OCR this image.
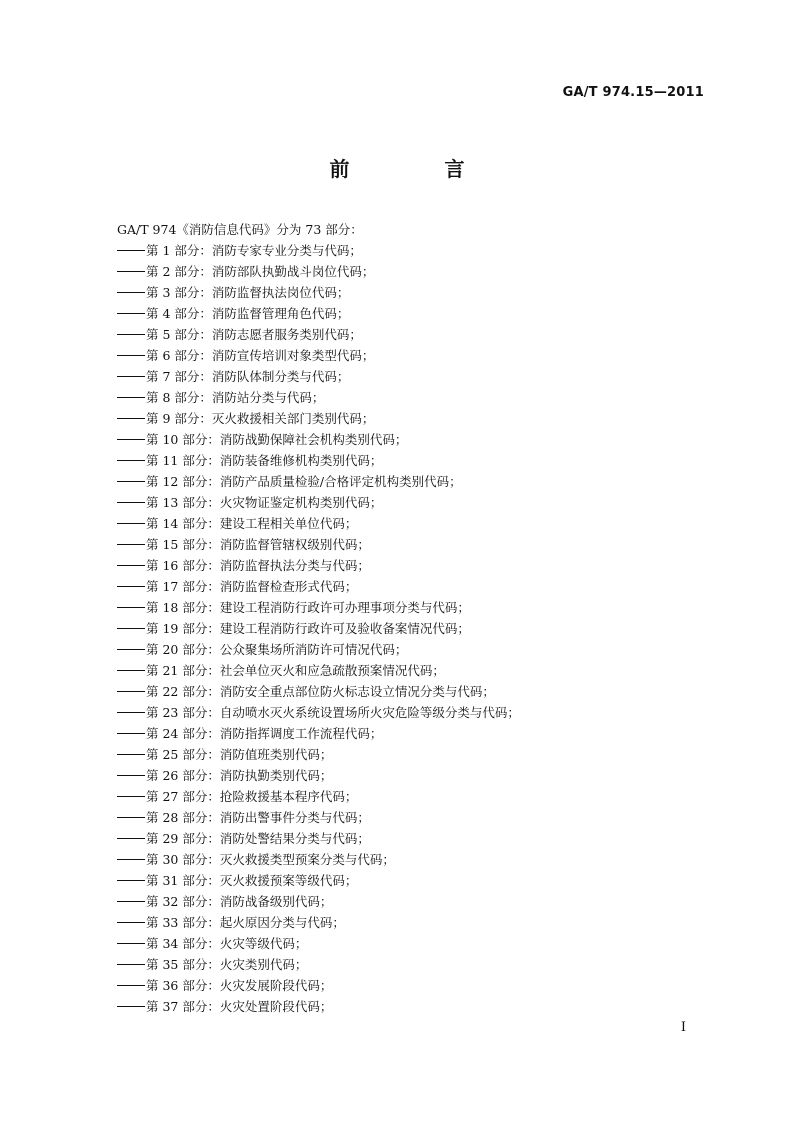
GA/T 974.15—2011
前 言
GA/T 974《消防信息代码》分为 73 部分：
第 1 部分：消防专家专业分类与代码；
第 2 部分：消防部队执勤战斗岗位代码；
第 3 部分：消防监督执法岗位代码；
第 4 部分：消防监督管理角色代码；
第 5 部分：消防志愿者服务类别代码；
第 6 部分：消防宣传培训对象类型代码；
第 7 部分：消防队体制分类与代码；
第 8 部分：消防站分类与代码；
第 9 部分：灭火救援相关部门类别代码；
第 10 部分：消防战勤保障社会机构类别代码；
第 11 部分：消防装备维修机构类别代码；
第 12 部分：消防产品质量检验/合格评定机构类别代码；
第 13 部分：火灾物证鉴定机构类别代码；
第 14 部分：建设工程相关单位代码；
第 15 部分：消防监督管辖权级别代码；
第 16 部分：消防监督执法分类与代码；
第 17 部分：消防监督检查形式代码；
第 18 部分：建设工程消防行政许可办理事项分类与代码；
第 19 部分：建设工程消防行政许可及验收备案情况代码；
第 20 部分：公众聚集场所消防许可情况代码；
第 21 部分：社会单位灭火和应急疏散预案情况代码；
第 22 部分：消防安全重点部位防火标志设立情况分类与代码；
第 23 部分：自动喷水灭火系统设置场所火灾危险等级分类与代码；
第 24 部分：消防指挥调度工作流程代码；
第 25 部分：消防值班类别代码；
第 26 部分：消防执勤类别代码；
第 27 部分：抢险救援基本程序代码；
第 28 部分：消防出警事件分类与代码；
第 29 部分：消防处警结果分类与代码；
第 30 部分：灭火救援类型预案分类与代码；
第 31 部分：灭火救援预案等级代码；
第 32 部分：消防战备级别代码；
第 33 部分：起火原因分类与代码；
第 34 部分：火灾等级代码；
第 35 部分：火灾类别代码；
第 36 部分：火灾发展阶段代码；
第 37 部分：火灾处置阶段代码；
I
